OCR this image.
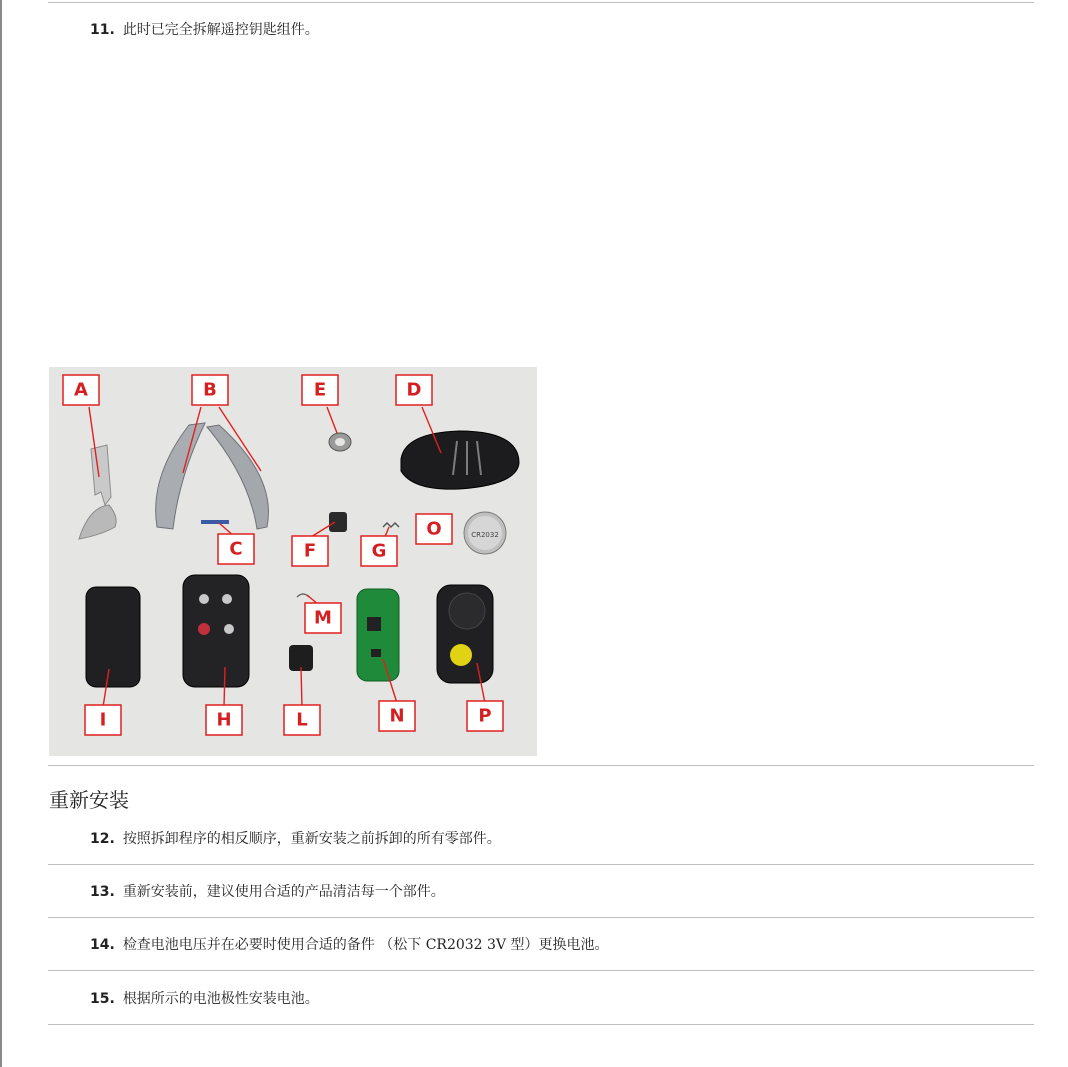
11. 此时已完全拆解遥控钥匙组件。
CR2032
A	B	E	D
C	F	G
O
M
I	H	L	N	P
重新安装
12. 按照拆卸程序的相反顺序，重新安装之前拆卸的所有零部件。
13. 重新安装前，建议使用合适的产品清洁每一个部件。
14. 检查电池电压并在必要时使用合适的备件 （松下 CR2032 3V 型）更换电池。
15. 根据所示的电池极性安装电池。
